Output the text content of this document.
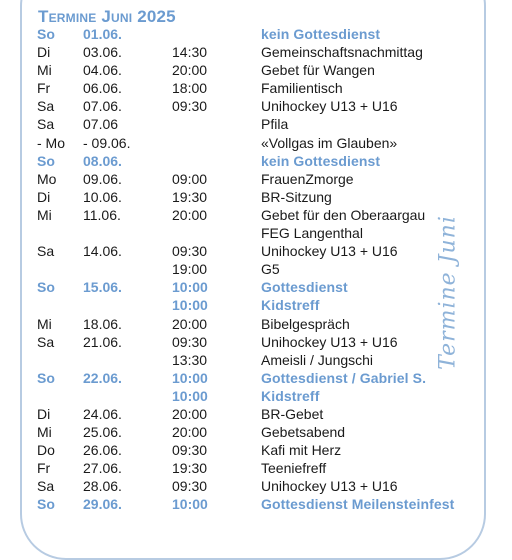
Termine Juni 2025
So 01.06.	kein Gottesdienst
Di 03.06.	14:30	Gemeinschaftsnachmittag
Mi 04.06.	20:00	Gebet für Wangen
Fr 06.06.	18:00	Familientisch
Sa 07.06.	09:30	Unihockey U13 + U16
Sa 07.06	Pfila
- Mo - 09.06.	«Vollgas im Glauben»
So 08.06.	kein Gottesdienst
Mo 09.06.	09:00	FrauenZmorge
Di 10.06.	19:30	BR-Sitzung
Mi 11.06.	20:00	Gebet für den Oberaargau
FEG Langenthal
Sa 14.06.	09:30	Unihockey U13 + U16
19:00	G5
So 15.06.	10:00	Gottesdienst
10:00	Kidstreff
Mi 18.06.	20:00	Bibelgespräch
Sa 21.06.	09:30	Unihockey U13 + U16
13:30	Ameisli / Jungschi
So 22.06.	10:00	Gottesdienst / Gabriel S.
10:00	Kidstreff
Di 24.06.	20:00	BR-Gebet
Mi 25.06.	20:00	Gebetsabend
Do 26.06.	09:30	Kafi mit Herz
Fr 27.06.	19:30	Teeniefreff
Sa 28.06.	09:30	Unihockey U13 + U16
So 29.06.	10:00	Gottesdienst Meilensteinfest
Termine Juni
